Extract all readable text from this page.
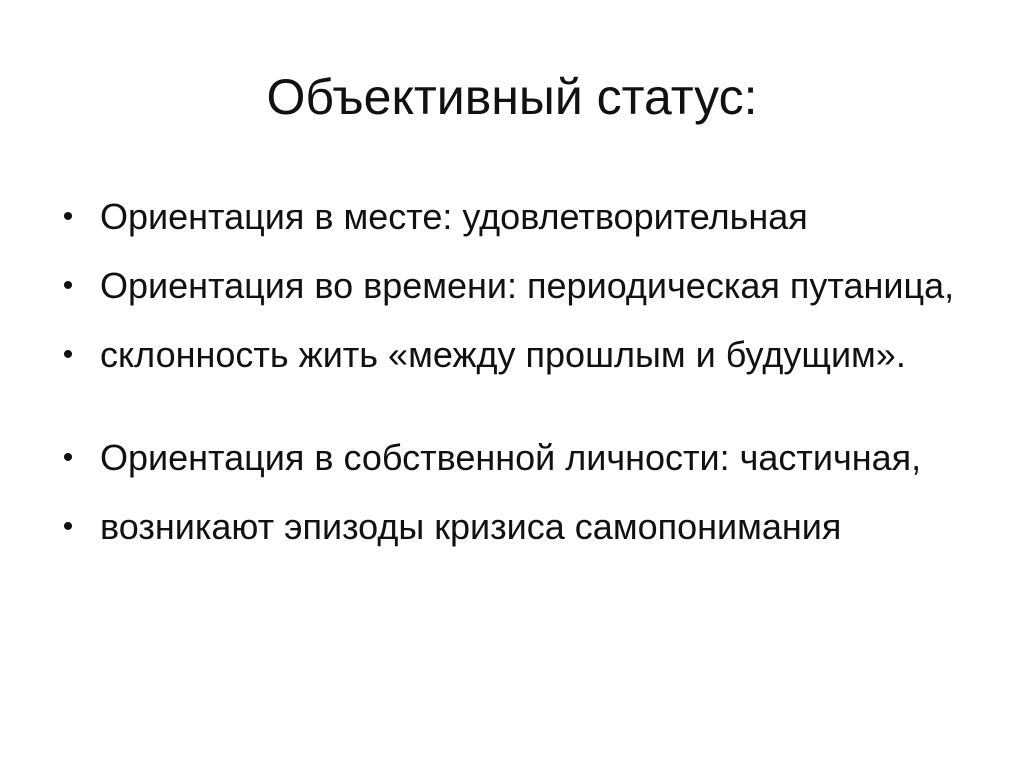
Объективный статус:
• Ориентация в месте: удовлетворительная
• Ориентация во времени: периодическая путаница,
• склонность жить «между прошлым и будущим».
• Ориентация в собственной личности: частичная,
• возникают эпизоды кризиса самопонимания
